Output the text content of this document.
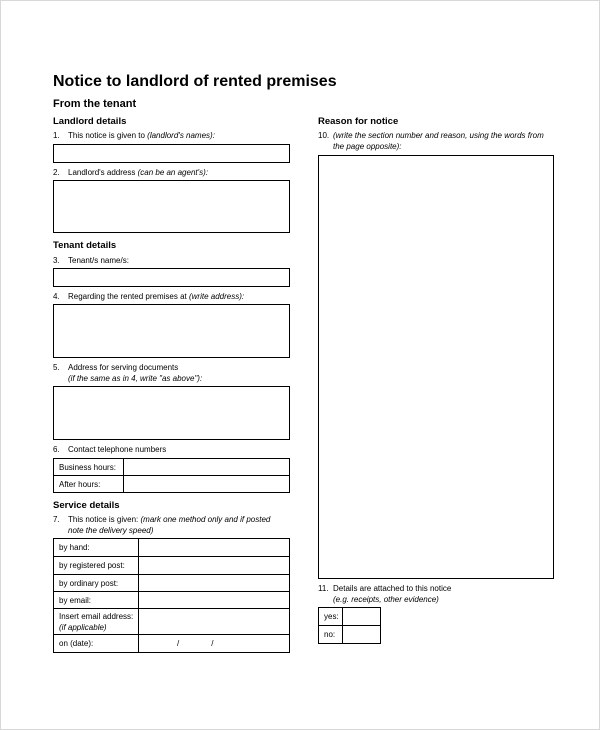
Notice to landlord of rented premises
From the tenant
Landlord details
1. This notice is given to (landlord's names):
2. Landlord's address (can be an agent's):
Tenant details
3. Tenant/s name/s:
4. Regarding the rented premises at (write address):
5. Address for serving documents
(if the same as in 4, write "as above"):
6. Contact telephone numbers
Business hours:	
After hours:	
Service details
7. This notice is given: (mark one method only and if posted
note the delivery speed)
by hand:	
by registered post:	
by ordinary post:	
by email:	
Insert email address:
(if applicable)	
on (date):	/ /
Reason for notice
10. (write the section number and reason, using the words from
the page opposite):
11. Details are attached to this notice
(e.g. receipts, other evidence)
yes:	
no:	
